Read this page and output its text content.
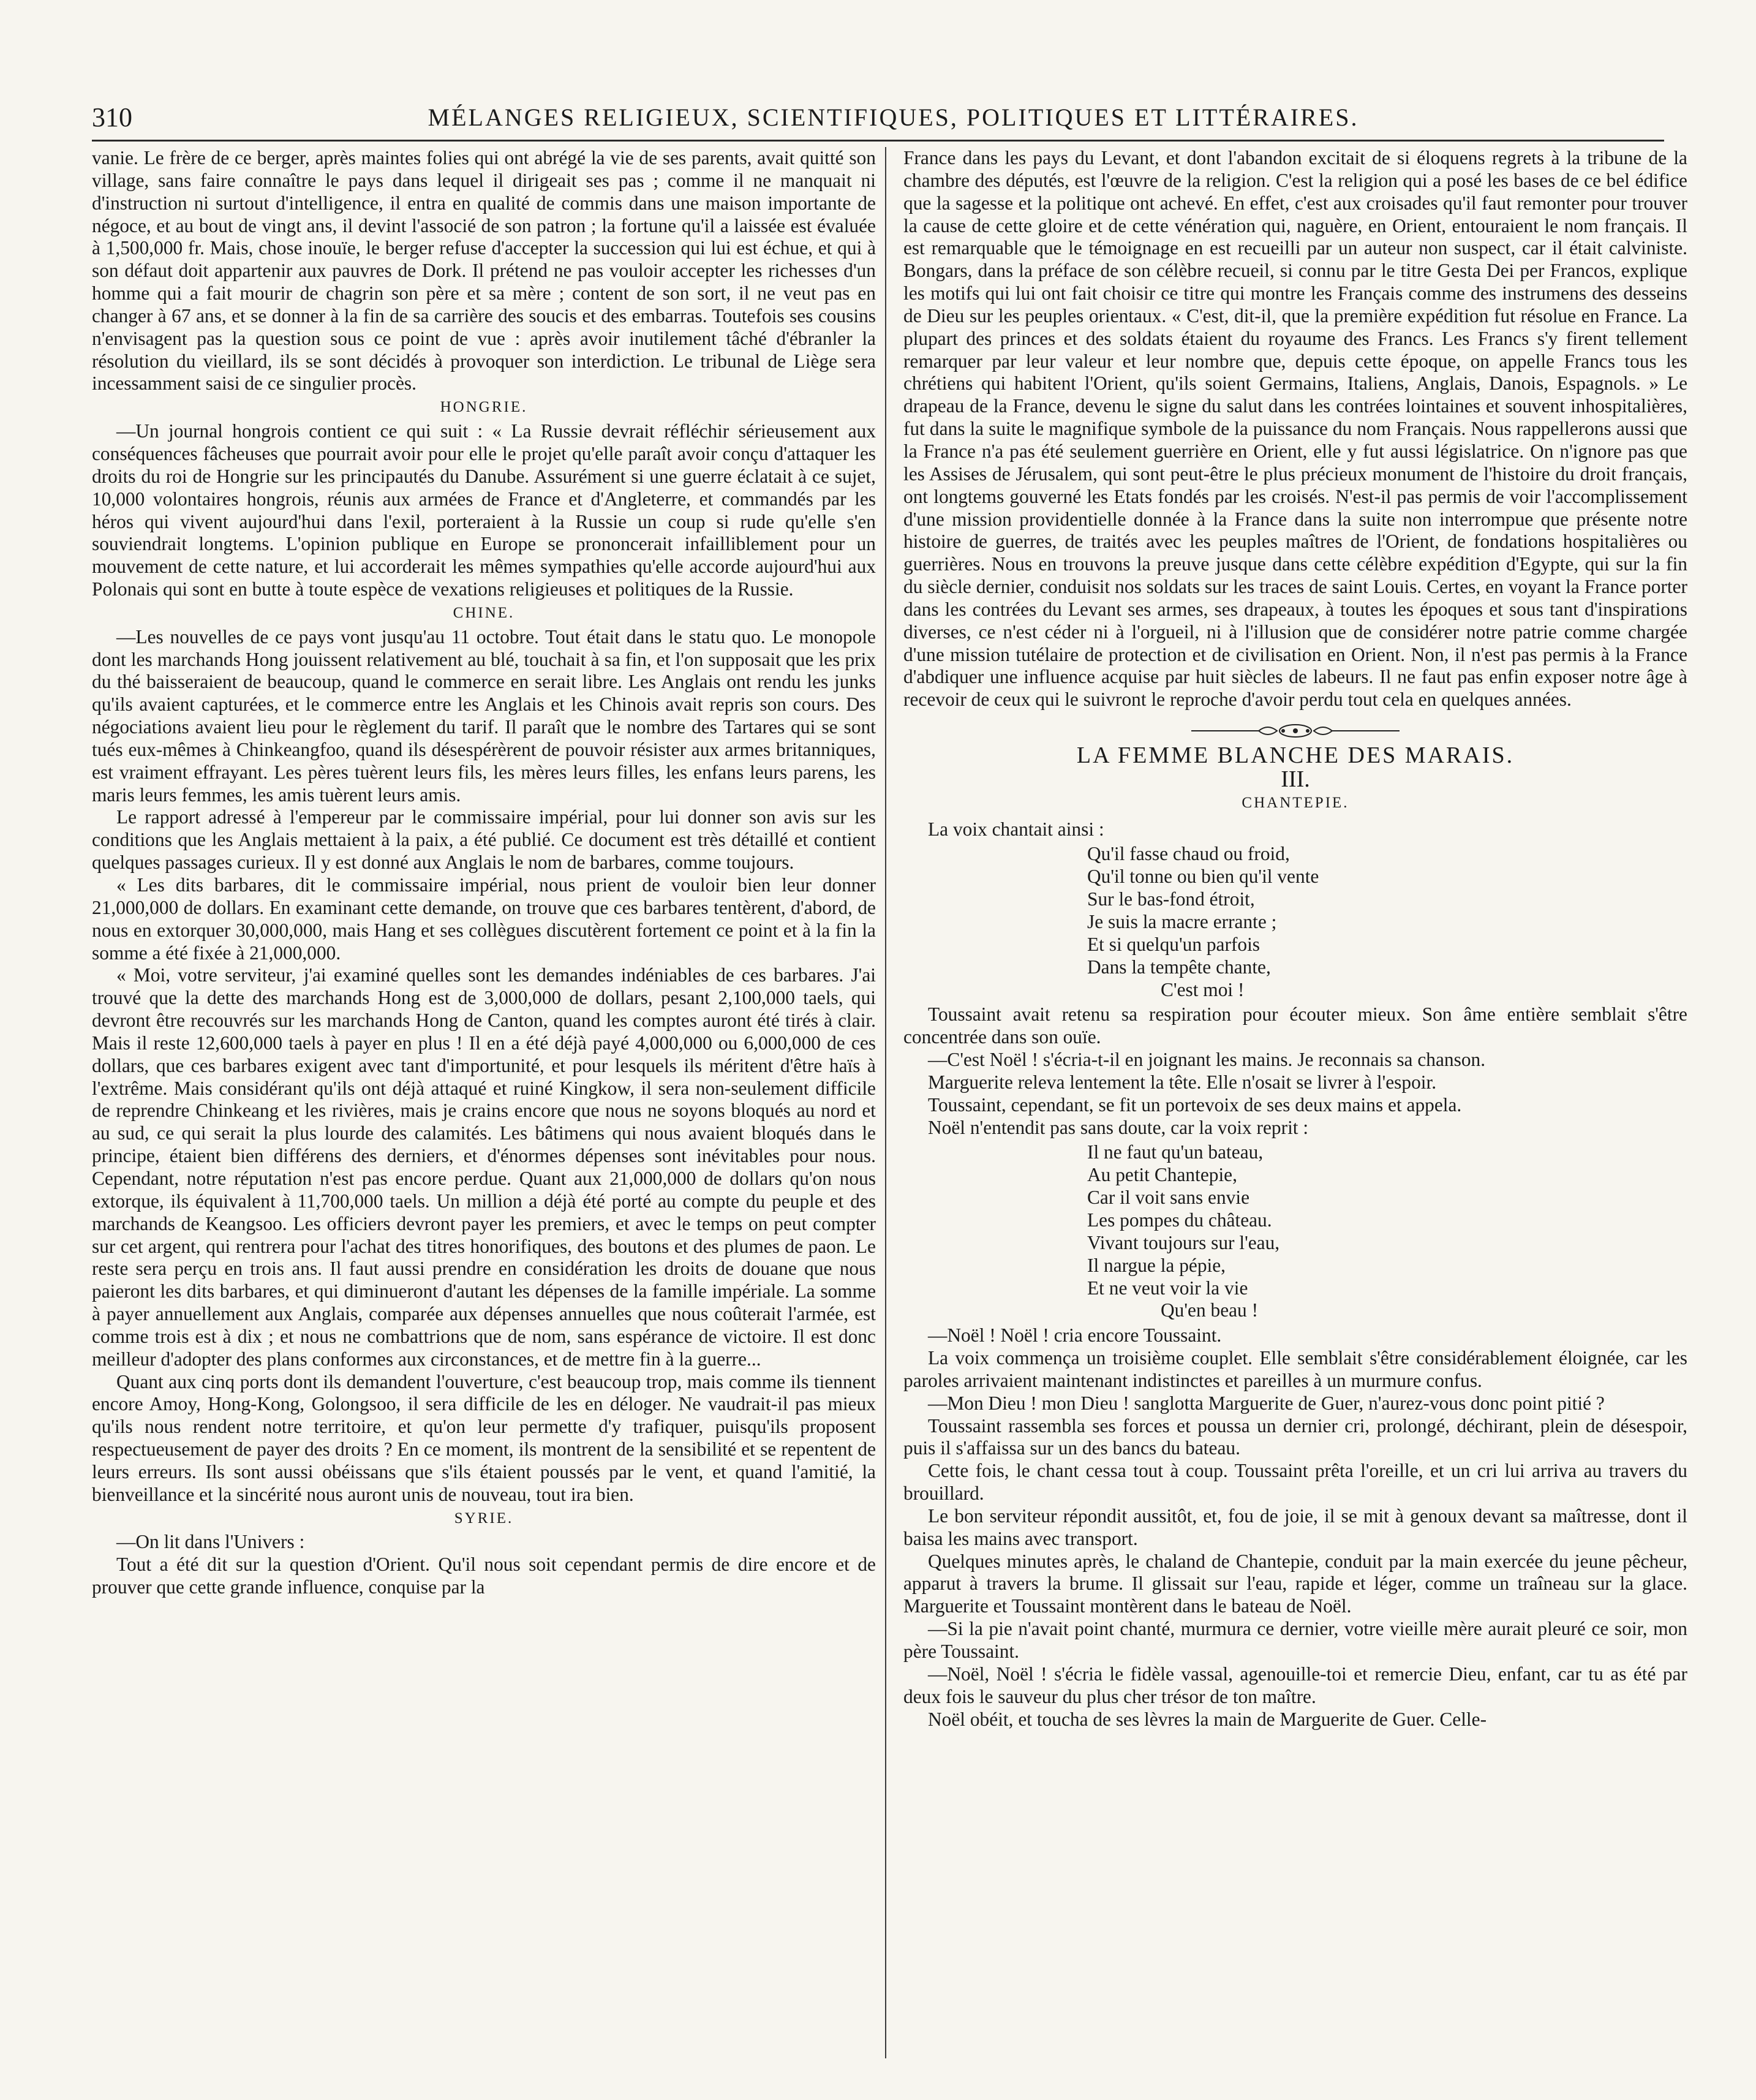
310	MÉLANGES RELIGIEUX, SCIENTIFIQUES, POLITIQUES ET LITTÉRAIRES.

vanie. Le frère de ce berger, après maintes folies qui ont abrégé la vie de ses parents, avait quitté son village, sans faire connaître le pays dans lequel il dirigeait ses pas ; comme il ne manquait ni d'instruction ni surtout d'intelligence, il entra en qualité de commis dans une maison importante de négoce, et au bout de vingt ans, il devint l'associé de son patron ; la fortune qu'il a laissée est évaluée à 1,500,000 fr. Mais, chose inouïe, le berger refuse d'accepter la succession qui lui est échue, et qui à son défaut doit appartenir aux pauvres de Dork. Il prétend ne pas vouloir accepter les richesses d'un homme qui a fait mourir de chagrin son père et sa mère ; content de son sort, il ne veut pas en changer à 67 ans, et se donner à la fin de sa carrière des soucis et des embarras. Toutefois ses cousins n'envisagent pas la question sous ce point de vue : après avoir inutilement tâché d'ébranler la résolution du vieillard, ils se sont décidés à provoquer son interdiction. Le tribunal de Liège sera incessamment saisi de ce singulier procès.

HONGRIE.

—Un journal hongrois contient ce qui suit : « La Russie devrait réfléchir sérieusement aux conséquences fâcheuses que pourrait avoir pour elle le projet qu'elle paraît avoir conçu d'attaquer les droits du roi de Hongrie sur les principautés du Danube. Assurément si une guerre éclatait à ce sujet, 10,000 volontaires hongrois, réunis aux armées de France et d'Angleterre, et commandés par les héros qui vivent aujourd'hui dans l'exil, porteraient à la Russie un coup si rude qu'elle s'en souviendrait longtems. L'opinion publique en Europe se prononcerait infailliblement pour un mouvement de cette nature, et lui accorderait les mêmes sympathies qu'elle accorde aujourd'hui aux Polonais qui sont en butte à toute espèce de vexations religieuses et politiques de la Russie.

CHINE.

—Les nouvelles de ce pays vont jusqu'au 11 octobre. Tout était dans le statu quo. Le monopole dont les marchands Hong jouissent relativement au blé, touchait à sa fin, et l'on supposait que les prix du thé baisseraient de beaucoup, quand le commerce en serait libre. Les Anglais ont rendu les junks qu'ils avaient capturées, et le commerce entre les Anglais et les Chinois avait repris son cours. Des négociations avaient lieu pour le règlement du tarif. Il paraît que le nombre des Tartares qui se sont tués eux-mêmes à Chinkeangfoo, quand ils désespérèrent de pouvoir résister aux armes britanniques, est vraiment effrayant. Les pères tuèrent leurs fils, les mères leurs filles, les enfans leurs parens, les maris leurs femmes, les amis tuèrent leurs amis.

Le rapport adressé à l'empereur par le commissaire impérial, pour lui donner son avis sur les conditions que les Anglais mettaient à la paix, a été publié. Ce document est très détaillé et contient quelques passages curieux. Il y est donné aux Anglais le nom de barbares, comme toujours.

« Les dits barbares, dit le commissaire impérial, nous prient de vouloir bien leur donner 21,000,000 de dollars. En examinant cette demande, on trouve que ces barbares tentèrent, d'abord, de nous en extorquer 30,000,000, mais Hang et ses collègues discutèrent fortement ce point et à la fin la somme a été fixée à 21,000,000.

« Moi, votre serviteur, j'ai examiné quelles sont les demandes indéniables de ces barbares. J'ai trouvé que la dette des marchands Hong est de 3,000,000 de dollars, pesant 2,100,000 taels, qui devront être recouvrés sur les marchands Hong de Canton, quand les comptes auront été tirés à clair. Mais il reste 12,600,000 taels à payer en plus ! Il en a été déjà payé 4,000,000 ou 6,000,000 de ces dollars, que ces barbares exigent avec tant d'importunité, et pour lesquels ils méritent d'être haïs à l'extrême. Mais considérant qu'ils ont déjà attaqué et ruiné Kingkow, il sera non-seulement difficile de reprendre Chinkeang et les rivières, mais je crains encore que nous ne soyons bloqués au nord et au sud, ce qui serait la plus lourde des calamités. Les bâtimens qui nous avaient bloqués dans le principe, étaient bien différens des derniers, et d'énormes dépenses sont inévitables pour nous. Cependant, notre réputation n'est pas encore perdue. Quant aux 21,000,000 de dollars qu'on nous extorque, ils équivalent à 11,700,000 taels. Un million a déjà été porté au compte du peuple et des marchands de Keangsoo. Les officiers devront payer les premiers, et avec le temps on peut compter sur cet argent, qui rentrera pour l'achat des titres honorifiques, des boutons et des plumes de paon. Le reste sera perçu en trois ans. Il faut aussi prendre en considération les droits de douane que nous paieront les dits barbares, et qui diminueront d'autant les dépenses de la famille impériale. La somme à payer annuellement aux Anglais, comparée aux dépenses annuelles que nous coûterait l'armée, est comme trois est à dix ; et nous ne combattrions que de nom, sans espérance de victoire. Il est donc meilleur d'adopter des plans conformes aux circonstances, et de mettre fin à la guerre...

Quant aux cinq ports dont ils demandent l'ouverture, c'est beaucoup trop, mais comme ils tiennent encore Amoy, Hong-Kong, Golongsoo, il sera difficile de les en déloger. Ne vaudrait-il pas mieux qu'ils nous rendent notre territoire, et qu'on leur permette d'y trafiquer, puisqu'ils proposent respectueusement de payer des droits ? En ce moment, ils montrent de la sensibilité et se repentent de leurs erreurs. Ils sont aussi obéissans que s'ils étaient poussés par le vent, et quand l'amitié, la bienveillance et la sincérité nous auront unis de nouveau, tout ira bien.

SYRIE.

—On lit dans l'Univers :

Tout a été dit sur la question d'Orient. Qu'il nous soit cependant permis de dire encore et de prouver que cette grande influence, conquise par la

France dans les pays du Levant, et dont l'abandon excitait de si éloquens regrets à la tribune de la chambre des députés, est l'œuvre de la religion. C'est la religion qui a posé les bases de ce bel édifice que la sagesse et la politique ont achevé. En effet, c'est aux croisades qu'il faut remonter pour trouver la cause de cette gloire et de cette vénération qui, naguère, en Orient, entouraient le nom français. Il est remarquable que le témoignage en est recueilli par un auteur non suspect, car il était calviniste. Bongars, dans la préface de son célèbre recueil, si connu par le titre Gesta Dei per Francos, explique les motifs qui lui ont fait choisir ce titre qui montre les Français comme des instrumens des desseins de Dieu sur les peuples orientaux. « C'est, dit-il, que la première expédition fut résolue en France. La plupart des princes et des soldats étaient du royaume des Francs. Les Francs s'y firent tellement remarquer par leur valeur et leur nombre que, depuis cette époque, on appelle Francs tous les chrétiens qui habitent l'Orient, qu'ils soient Germains, Italiens, Anglais, Danois, Espagnols. » Le drapeau de la France, devenu le signe du salut dans les contrées lointaines et souvent inhospitalières, fut dans la suite le magnifique symbole de la puissance du nom Français. Nous rappellerons aussi que la France n'a pas été seulement guerrière en Orient, elle y fut aussi législatrice. On n'ignore pas que les Assises de Jérusalem, qui sont peut-être le plus précieux monument de l'histoire du droit français, ont longtems gouverné les Etats fondés par les croisés. N'est-il pas permis de voir l'accomplissement d'une mission providentielle donnée à la France dans la suite non interrompue que présente notre histoire de guerres, de traités avec les peuples maîtres de l'Orient, de fondations hospitalières ou guerrières. Nous en trouvons la preuve jusque dans cette célèbre expédition d'Egypte, qui sur la fin du siècle dernier, conduisit nos soldats sur les traces de saint Louis. Certes, en voyant la France porter dans les contrées du Levant ses armes, ses drapeaux, à toutes les époques et sous tant d'inspirations diverses, ce n'est céder ni à l'orgueil, ni à l'illusion que de considérer notre patrie comme chargée d'une mission tutélaire de protection et de civilisation en Orient. Non, il n'est pas permis à la France d'abdiquer une influence acquise par huit siècles de labeurs. Il ne faut pas enfin exposer notre âge à recevoir de ceux qui le suivront le reproche d'avoir perdu tout cela en quelques années.

LA FEMME BLANCHE DES MARAIS.
III.
CHANTEPIE.

La voix chantait ainsi :

Qu'il fasse chaud ou froid,
Qu'il tonne ou bien qu'il vente
Sur le bas-fond étroit,
Je suis la macre errante ;
Et si quelqu'un parfois
Dans la tempête chante,
C'est moi !

Toussaint avait retenu sa respiration pour écouter mieux. Son âme entière semblait s'être concentrée dans son ouïe.

—C'est Noël ! s'écria-t-il en joignant les mains. Je reconnais sa chanson.

Marguerite releva lentement la tête. Elle n'osait se livrer à l'espoir.

Toussaint, cependant, se fit un portevoix de ses deux mains et appela.

Noël n'entendit pas sans doute, car la voix reprit :

Il ne faut qu'un bateau,
Au petit Chantepie,
Car il voit sans envie
Les pompes du château.
Vivant toujours sur l'eau,
Il nargue la pépie,
Et ne veut voir la vie
Qu'en beau !

—Noël ! Noël ! cria encore Toussaint.

La voix commença un troisième couplet. Elle semblait s'être considérablement éloignée, car les paroles arrivaient maintenant indistinctes et pareilles à un murmure confus.

—Mon Dieu ! mon Dieu ! sanglotta Marguerite de Guer, n'aurez-vous donc point pitié ?

Toussaint rassembla ses forces et poussa un dernier cri, prolongé, déchirant, plein de désespoir, puis il s'affaissa sur un des bancs du bateau.

Cette fois, le chant cessa tout à coup. Toussaint prêta l'oreille, et un cri lui arriva au travers du brouillard.

Le bon serviteur répondit aussitôt, et, fou de joie, il se mit à genoux devant sa maîtresse, dont il baisa les mains avec transport.

Quelques minutes après, le chaland de Chantepie, conduit par la main exercée du jeune pêcheur, apparut à travers la brume. Il glissait sur l'eau, rapide et léger, comme un traîneau sur la glace. Marguerite et Toussaint montèrent dans le bateau de Noël.

—Si la pie n'avait point chanté, murmura ce dernier, votre vieille mère aurait pleuré ce soir, mon père Toussaint.

—Noël, Noël ! s'écria le fidèle vassal, agenouille-toi et remercie Dieu, enfant, car tu as été par deux fois le sauveur du plus cher trésor de ton maître.

Noël obéit, et toucha de ses lèvres la main de Marguerite de Guer. Celle-
